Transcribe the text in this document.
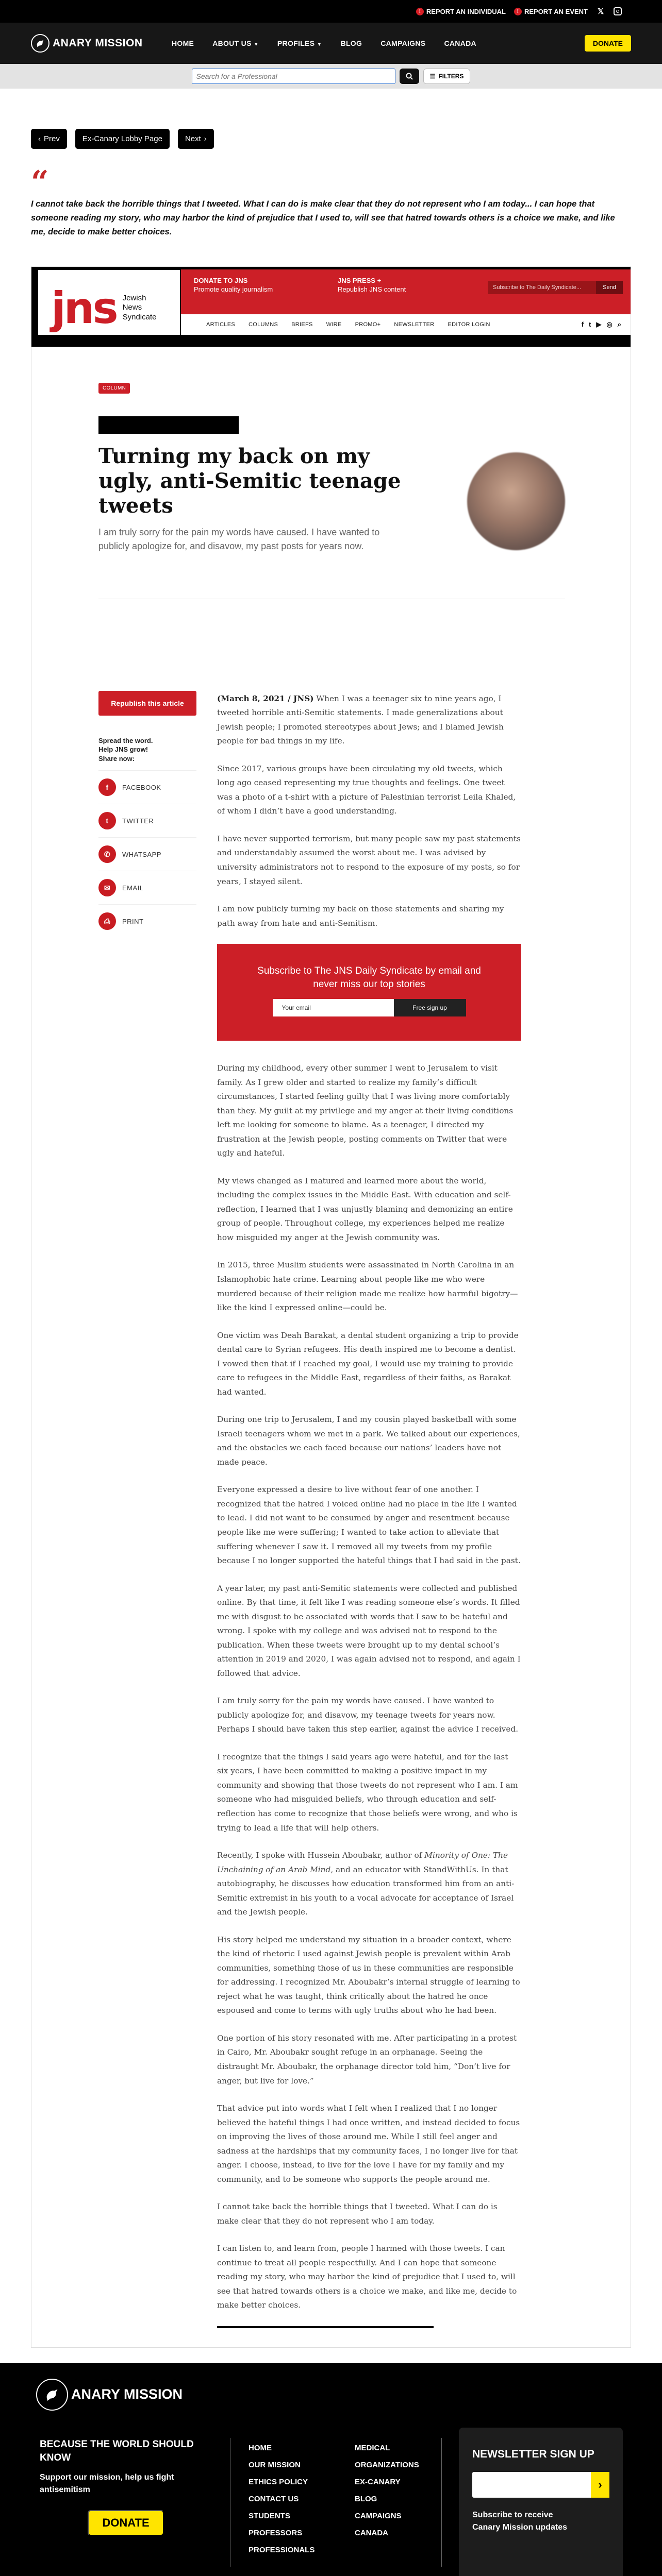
! REPORT AN INDIVIDUAL	! REPORT AN EVENT 𝕏
ANARY MISSION	HOME	ABOUT US ▼	PROFILES ▼	BLOG	CAMPAIGNS	CANADA	DONATE
Search for a Professional
☰ FILTERS
‹ Prev	Ex-Canary Lobby Page	Next ›
“

I cannot take back the horrible things that I tweeted. What I can do is make clear that they do not represent who I am today... I can hope that someone reading my story, who may harbor the kind of prejudice that I used to, will see that hatred towards others is a choice we make, and like me, decide to make better choices.

jns Jewish
News
Syndicate
DONATE TO JNS
Promote quality journalism
JNS PRESS +
Republish JNS content	Subscribe to The Daily Syndicate...	Send
ARTICLES	COLUMNS	BRIEFS	WIRE	PROMO+	NEWSLETTER	EDITOR LOGIN	f t ▶ ◎ ⌕
COLUMN
Turning my back on my ugly, anti-Semitic teenage tweets

I am truly sorry for the pain my words have caused. I have wanted to publicly apologize for, and disavow, my past posts for years now.

Republish this article
Spread the word.
Help JNS grow!
Share now:
f	FACEBOOK
t	TWITTER
✆	WHATSAPP
✉	EMAIL
⎙	PRINT

(March 8, 2021 / JNS) When I was a teenager six to nine years ago, I tweeted horrible anti-Semitic statements. I made generalizations about Jewish people; I promoted stereotypes about Jews; and I blamed Jewish people for bad things in my life.

Since 2017, various groups have been circulating my old tweets, which long ago ceased representing my true thoughts and feelings. One tweet was a photo of a t-shirt with a picture of Palestinian terrorist Leila Khaled, of whom I didn’t have a good understanding.

I have never supported terrorism, but many people saw my past statements and understandably assumed the worst about me. I was advised by university administrators not to respond to the exposure of my posts, so for years, I stayed silent.

I am now publicly turning my back on those statements and sharing my path away from hate and anti-Semitism.

Subscribe to The JNS Daily Syndicate by email and never miss our top stories
Your email	Free sign up

During my childhood, every other summer I went to Jerusalem to visit family. As I grew older and started to realize my family’s difficult circumstances, I started feeling guilty that I was living more comfortably than they. My guilt at my privilege and my anger at their living conditions left me looking for someone to blame. As a teenager, I directed my frustration at the Jewish people, posting comments on Twitter that were ugly and hateful.

My views changed as I matured and learned more about the world, including the complex issues in the Middle East. With education and self-reflection, I learned that I was unjustly blaming and demonizing an entire group of people. Throughout college, my experiences helped me realize how misguided my anger at the Jewish community was.

In 2015, three Muslim students were assassinated in North Carolina in an Islamophobic hate crime. Learning about people like me who were murdered because of their religion made me realize how harmful bigotry—like the kind I expressed online—could be.

One victim was Deah Barakat, a dental student organizing a trip to provide dental care to Syrian refugees. His death inspired me to become a dentist. I vowed then that if I reached my goal, I would use my training to provide care to refugees in the Middle East, regardless of their faiths, as Barakat had wanted.

During one trip to Jerusalem, I and my cousin played basketball with some Israeli teenagers whom we met in a park. We talked about our experiences, and the obstacles we each faced because our nations’ leaders have not made peace.

Everyone expressed a desire to live without fear of one another. I recognized that the hatred I voiced online had no place in the life I wanted to lead. I did not want to be consumed by anger and resentment because people like me were suffering; I wanted to take action to alleviate that suffering whenever I saw it. I removed all my tweets from my profile because I no longer supported the hateful things that I had said in the past.

A year later, my past anti-Semitic statements were collected and published online. By that time, it felt like I was reading someone else’s words. It filled me with disgust to be associated with words that I saw to be hateful and wrong. I spoke with my college and was advised not to respond to the publication. When these tweets were brought up to my dental school’s attention in 2019 and 2020, I was again advised not to respond, and again I followed that advice.

I am truly sorry for the pain my words have caused. I have wanted to publicly apologize for, and disavow, my teenage tweets for years now. Perhaps I should have taken this step earlier, against the advice I received.

I recognize that the things I said years ago were hateful, and for the last six years, I have been committed to making a positive impact in my community and showing that those tweets do not represent who I am. I am someone who had misguided beliefs, who through education and self-reflection has come to recognize that those beliefs were wrong, and who is trying to lead a life that will help others.

Recently, I spoke with Hussein Aboubakr, author of Minority of One: The Unchaining of an Arab Mind, and an educator with StandWithUs. In that autobiography, he discusses how education transformed him from an anti-Semitic extremist in his youth to a vocal advocate for acceptance of Israel and the Jewish people.

His story helped me understand my situation in a broader context, where the kind of rhetoric I used against Jewish people is prevalent within Arab communities, something those of us in these communities are responsible for addressing. I recognized Mr. Aboubakr’s internal struggle of learning to reject what he was taught, think critically about the hatred he once espoused and come to terms with ugly truths about who he had been.

One portion of his story resonated with me. After participating in a protest in Cairo, Mr. Aboubakr sought refuge in an orphanage. Seeing the distraught Mr. Aboubakr, the orphanage director told him, “Don’t live for anger, but live for love.”

That advice put into words what I felt when I realized that I no longer believed the hateful things I had once written, and instead decided to focus on improving the lives of those around me. While I still feel anger and sadness at the hardships that my community faces, I no longer live for that anger. I choose, instead, to live for the love I have for my family and my community, and to be someone who supports the people around me.

I cannot take back the horrible things that I tweeted. What I can do is make clear that they do not represent who I am today.

I can listen to, and learn from, people I harmed with those tweets. I can continue to treat all people respectfully. And I can hope that someone reading my story, who may harbor the kind of prejudice that I used to, will see that hatred towards others is a choice we make, and like me, decide to make better choices.

ANARY MISSION
BECAUSE THE WORLD SHOULD KNOW
Support our mission, help us fight antisemitism
DONATE
HOME
OUR MISSION
ETHICS POLICY
CONTACT US
STUDENTS
PROFESSORS
PROFESSIONALS
MEDICAL
ORGANIZATIONS
EX-CANARY
BLOG
CAMPAIGNS
CANADA
NEWSLETTER SIGN UP
›
Subscribe to receive Canary Mission updates
